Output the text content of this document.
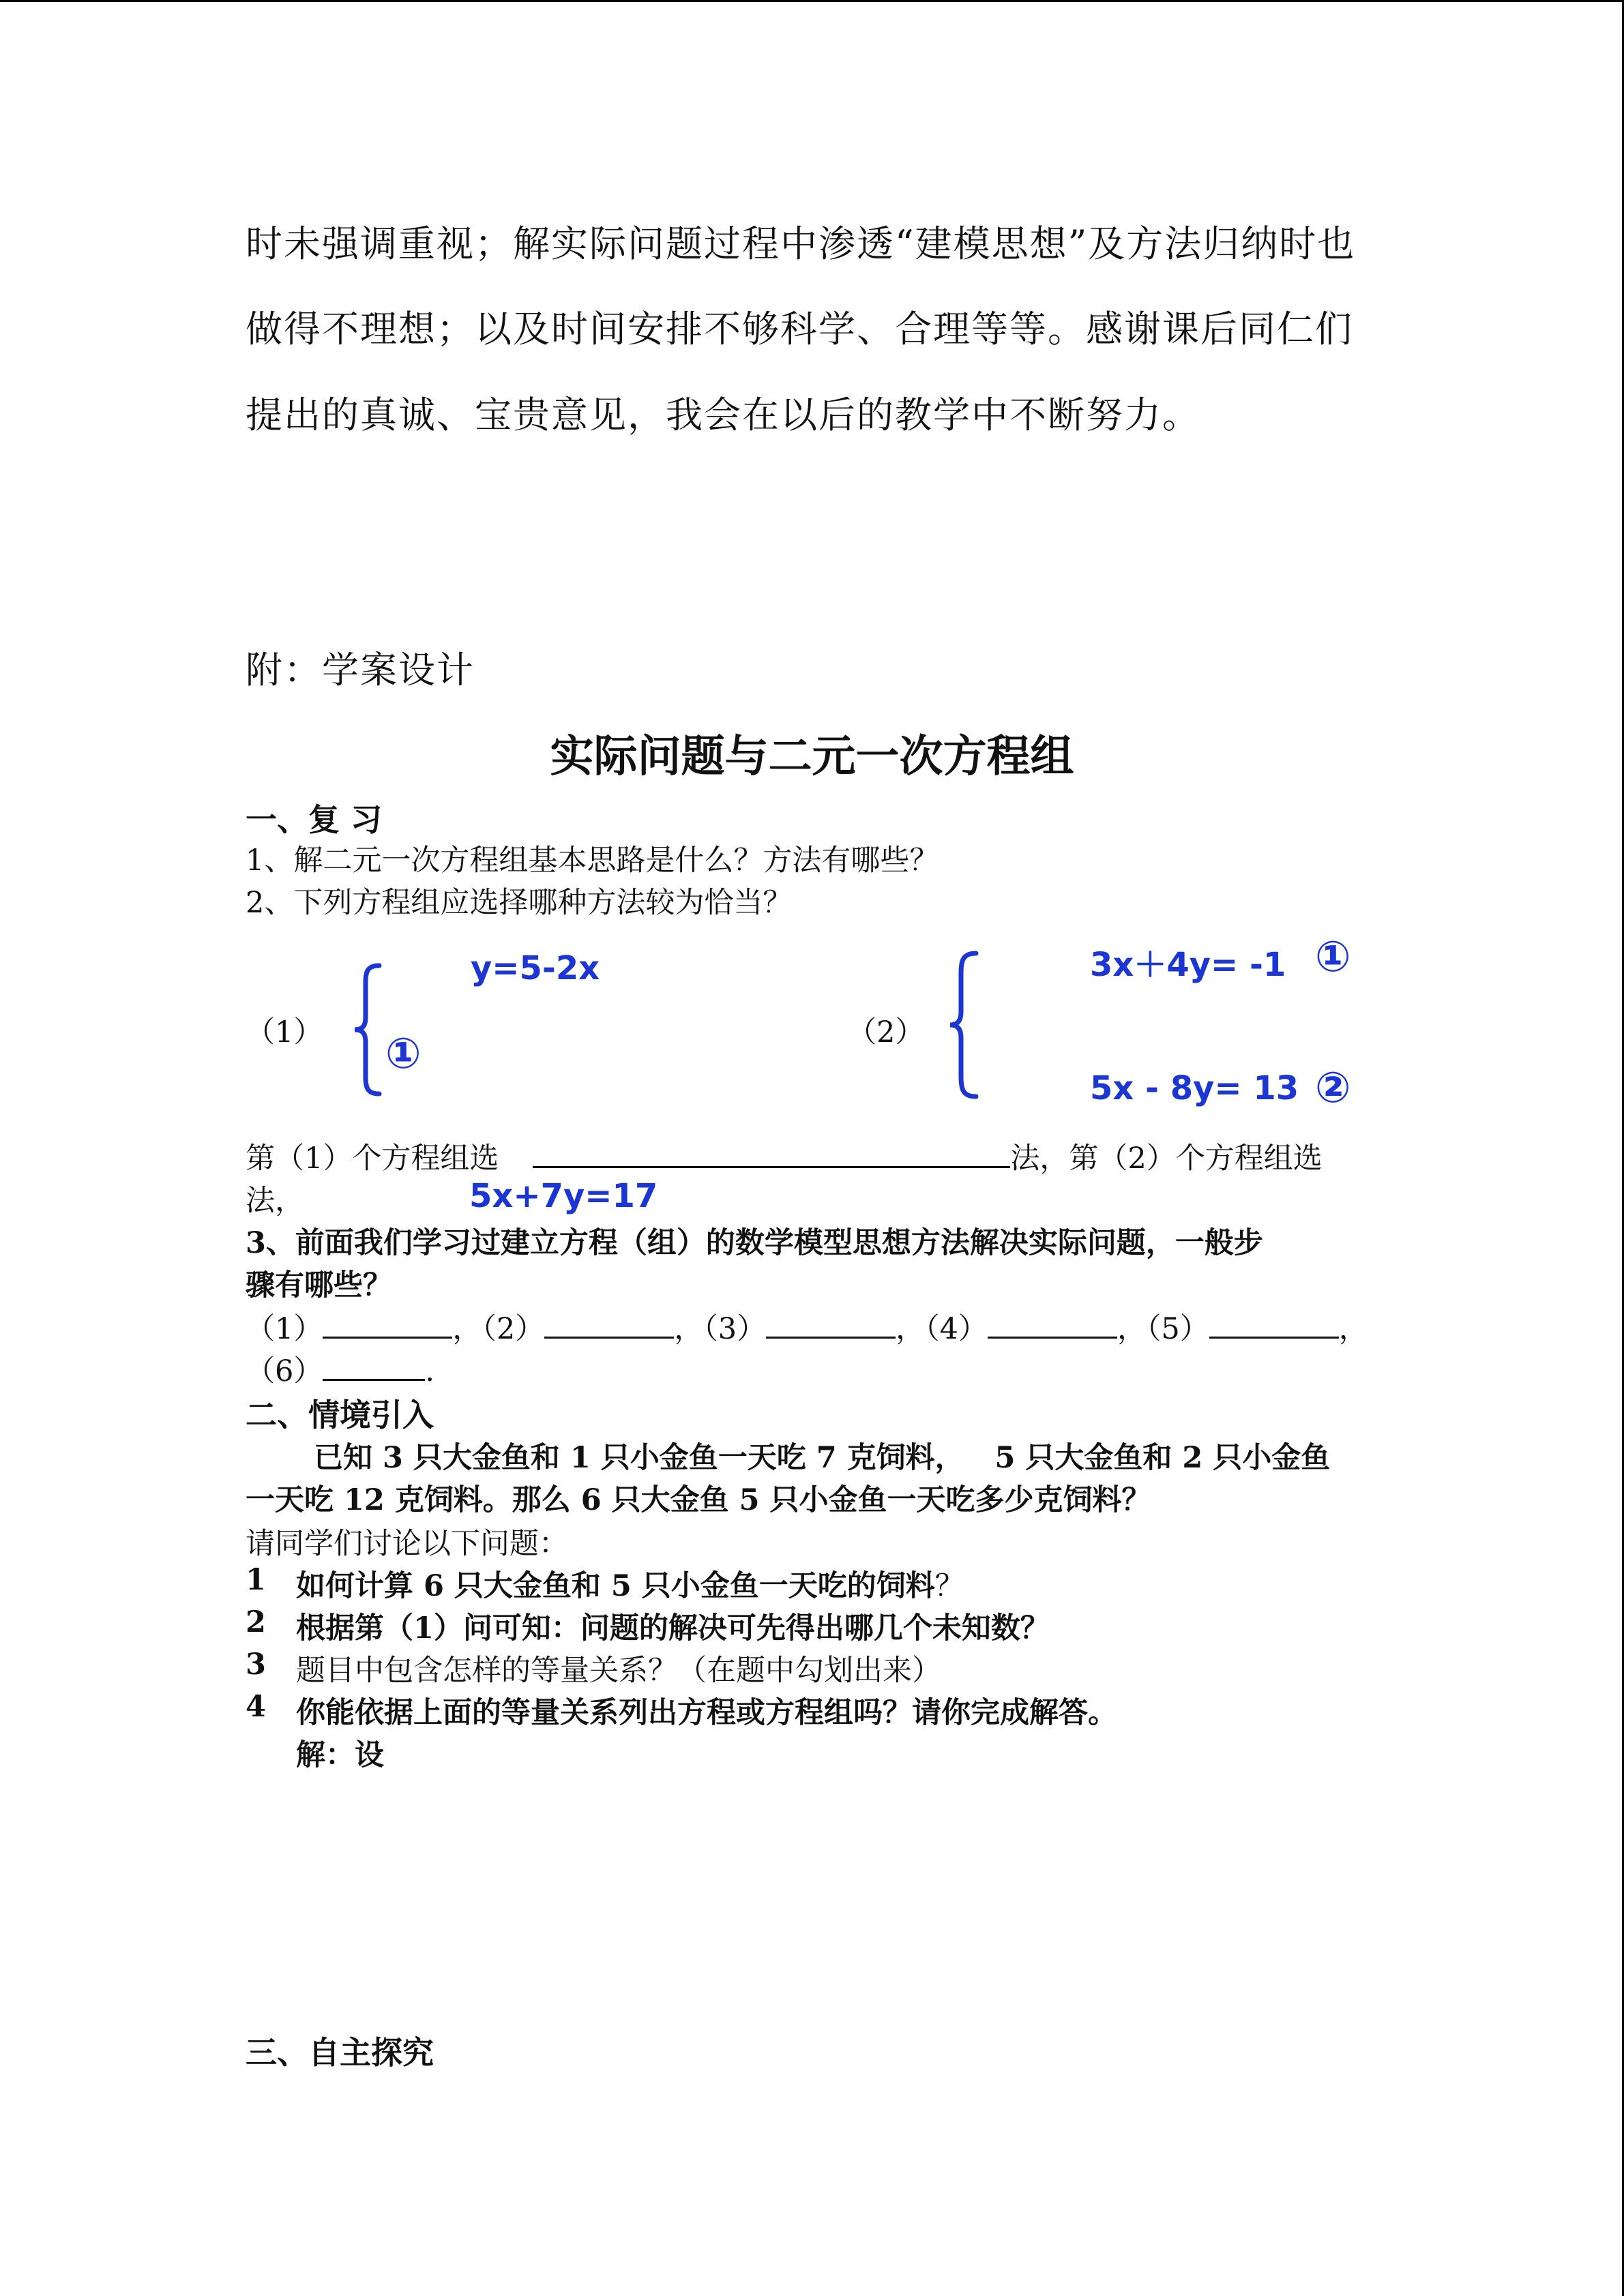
时未强调重视；解实际问题过程中渗透“建模思想”及方法归纳时也
做得不理想；以及时间安排不够科学、合理等等。感谢课后同仁们
提出的真诚、宝贵意见，我会在以后的教学中不断努力。
附：学案设计
实际问题与二元一次方程组
一、复 习
1、解二元一次方程组基本思路是什么？方法有哪些？
2、下列方程组应选择哪种方法较为恰当？
（1）
y=5-2x
①	（2）
3x＋4y= -1 ①
5x - 8y= 13 ②
5x+7y=17
第（1）个方程组选	法，第（2）个方程组选
法，
3、前面我们学习过建立方程（组）的数学模型思想方法解决实际问题，一般步
骤有哪些？
（1）	，（2）	，（3）	，（4）	，（5）	，
（6）	.
二、情境引入
已知 3 只大金鱼和 1 只小金鱼一天吃 7 克饲料，   5 只大金鱼和 2 只小金鱼
一天吃 12 克饲料。那么 6 只大金鱼 5 只小金鱼一天吃多少克饲料？
请同学们讨论以下问题：
1 如何计算 6 只大金鱼和 5 只小金鱼一天吃的饲料？
2 根据第（1）问可知：问题的解决可先得出哪几个未知数？
3 题目中包含怎样的等量关系？（在题中勾划出来）
4 你能依据上面的等量关系列出方程或方程组吗？请你完成解答。
解：设
三、自主探究
